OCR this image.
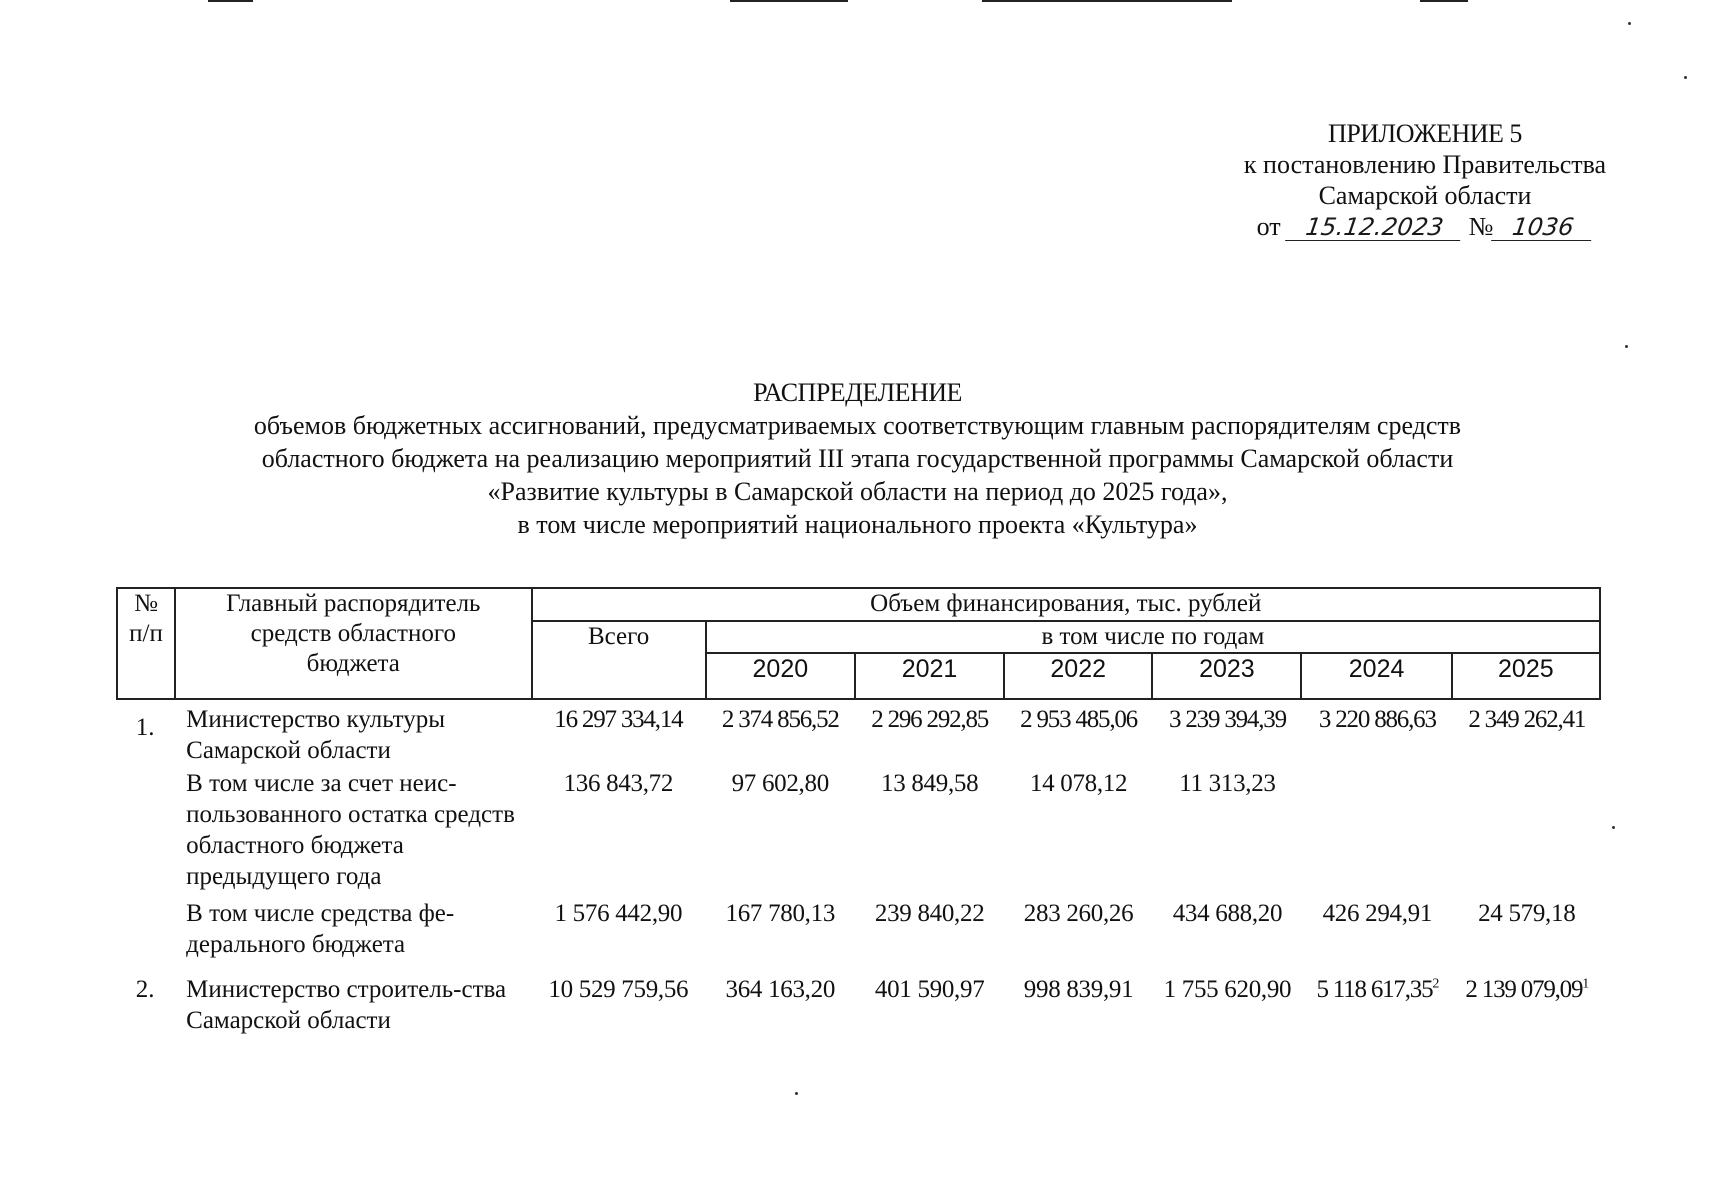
ПРИЛОЖЕНИЕ 5
к постановлению Правительства
Самарской области
от 15.12.2023 № 1036
РАСПРЕДЕЛЕНИЕ
объемов бюджетных ассигнований, предусматриваемых соответствующим главным распорядителям средств
областного бюджета на реализацию мероприятий III этапа государственной программы Самарской области
«Развитие культуры в Самарской области на период до 2025 года»,
в том числе мероприятий национального проекта «Культура»
№ п/п	Главный распорядитель средств областного бюджета	Объем финансирования, тыс. рублей						
		Всего	в том числе по годам					
			2020	2021	2022	2023	2024	2025
1.	Министерство культуры Самарской области	16 297 334,14	2 374 856,52	2 296 292,85	2 953 485,06	3 239 394,39	3 220 886,63	2 349 262,41
	В том числе за счет неис-пользованного остатка средств областного бюджета предыдущего года	136 843,72	97 602,80	13 849,58	14 078,12	11 313,23		
	В том числе средства фе-дерального бюджета	1 576 442,90	167 780,13	239 840,22	283 260,26	434 688,20	426 294,91	24 579,18
2.	Министерство строитель-ства Самарской области	10 529 759,56	364 163,20	401 590,97	998 839,91	1 755 620,90	5 118 617,35$^2$	2 139 079,09$^1$
